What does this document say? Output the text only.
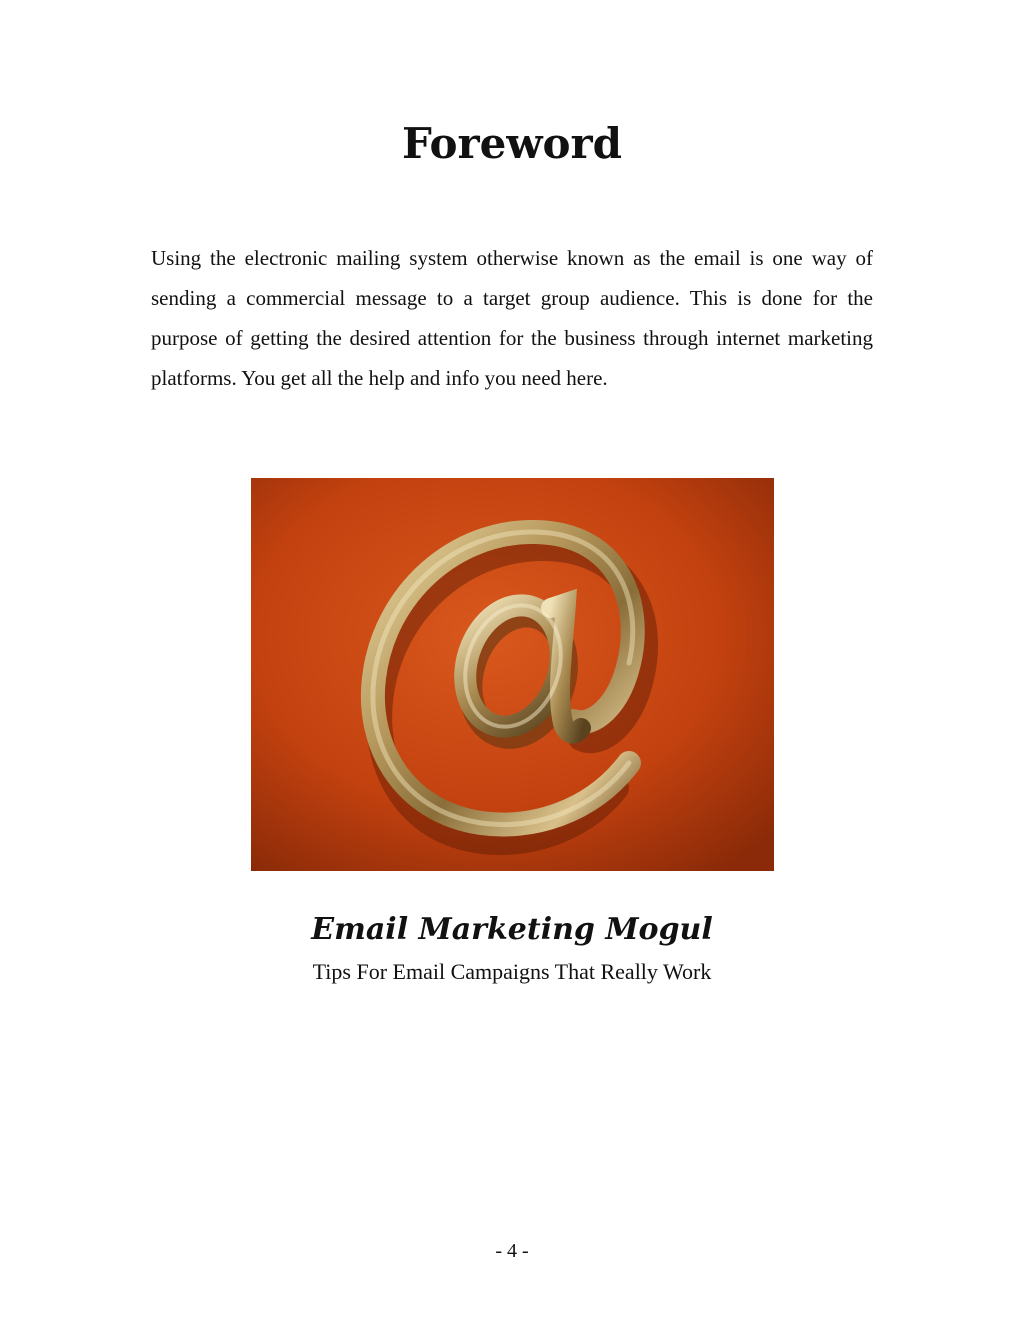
Foreword

Using the electronic mailing system otherwise known as the email is one way of sending a commercial message to a target group audience. This is done for the purpose of getting the desired attention for the business through internet marketing platforms. You get all the help and info you need here.

Email Marketing Mogul

Tips For Email Campaigns That Really Work

- 4 -
